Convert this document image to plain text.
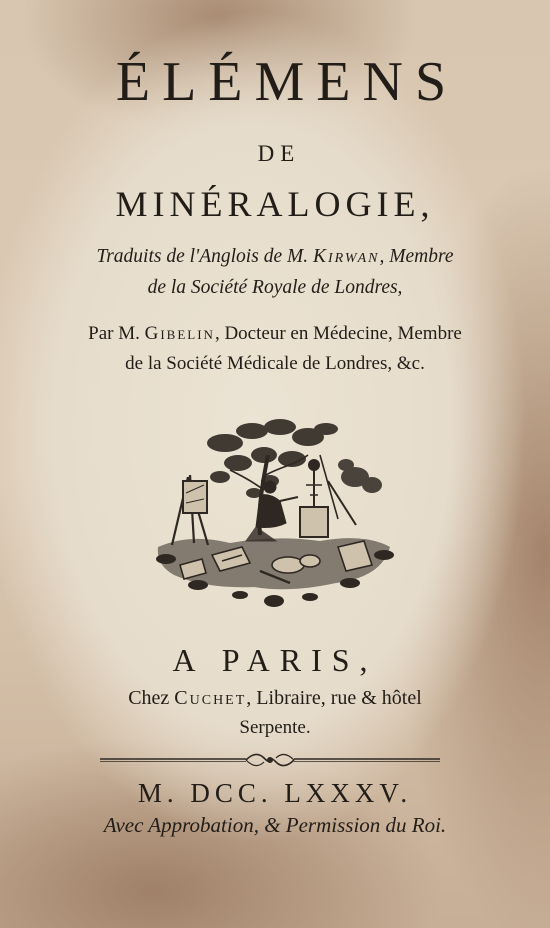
ÉLÉMENS
DE
MINÉRALOGIE,
Traduits de l'Anglois de M. Kirwan, Membre
de la Société Royale de Londres,
Par M. Gibelin, Docteur en Médecine, Membre
de la Société Médicale de Londres, &c.
A PARIS,
Chez Cuchet, Libraire, rue & hôtel
Serpente.
M. DCC. LXXXV.
Avec Approbation, & Permission du Roi.
